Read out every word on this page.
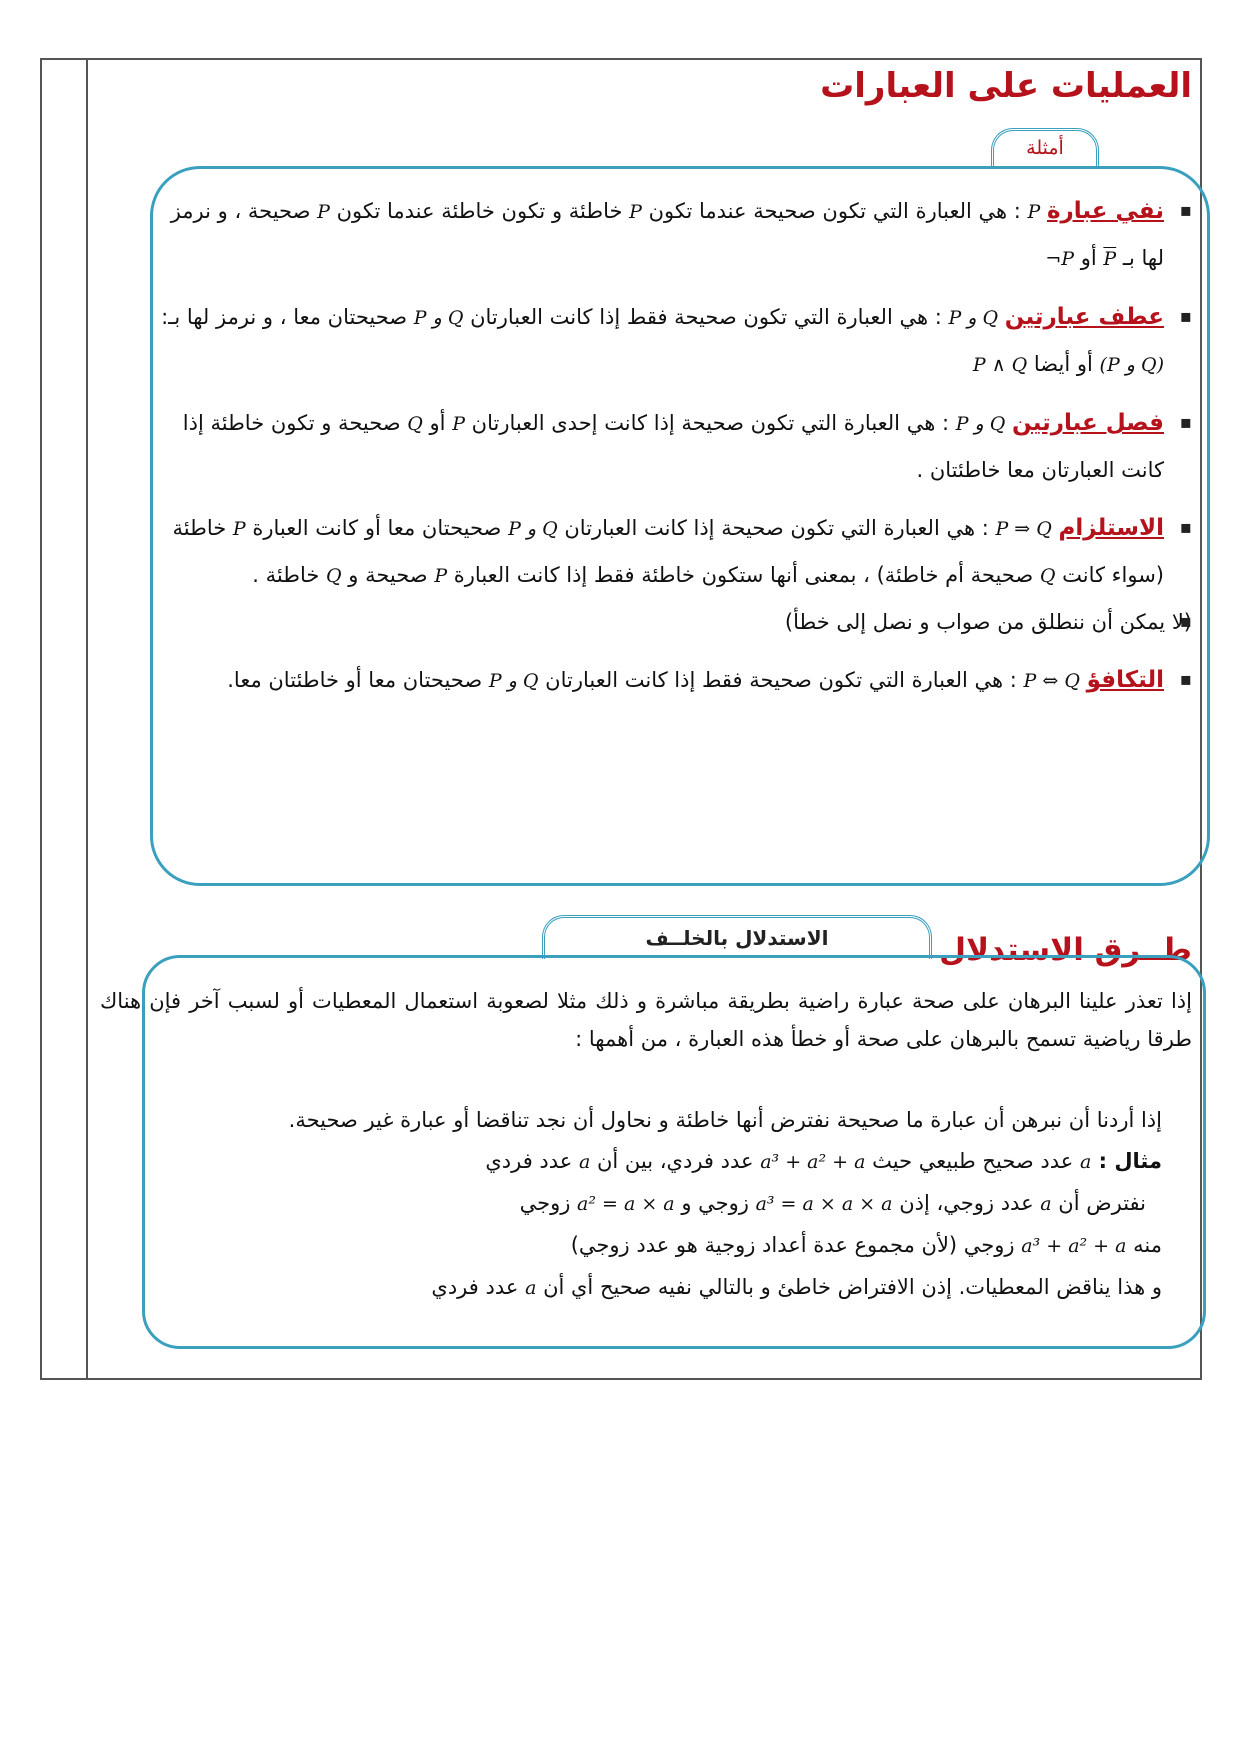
العمليات على العبارات
أمثلة
▪ نفي عبارة P : هي العبارة التي تكون صحيحة عندما تكون P خاطئة و تكون خاطئة عندما تكون P صحيحة ، و نرمز لها بـ $\overline{P}$ أو ¬P
▪ عطف عبارتين P و Q : هي العبارة التي تكون صحيحة فقط إذا كانت العبارتان P و Q صحيحتان معا ، و نرمز لها بـ: (P و Q) أو أيضا P ∧ Q
▪ فصل عبارتين P و Q : هي العبارة التي تكون صحيحة إذا كانت إحدى العبارتان P أو Q صحيحة و تكون خاطئة إذا كانت العبارتان معا خاطئتان .
▪ الاستلزام P ⇒ Q : هي العبارة التي تكون صحيحة إذا كانت العبارتان P و Q صحيحتان معا أو كانت العبارة P خاطئة (سواء كانت Q صحيحة أم خاطئة) ، بمعنى أنها ستكون خاطئة فقط إذا كانت العبارة P صحيحة و Q خاطئة .
▪ (لا يمكن أن ننطلق من صواب و نصل إلى خطأ)
▪ التكافؤ P ⇔ Q : هي العبارة التي تكون صحيحة فقط إذا كانت العبارتان P و Q صحيحتان معا أو خاطئتان معا.
طــرق الاستدلال

إذا تعذر علينا البرهان على صحة عبارة راضية بطريقة مباشرة و ذلك مثلا لصعوبة استعمال المعطيات أو لسبب آخر فإن هناك طرقا رياضية تسمح بالبرهان على صحة أو خطأ هذه العبارة ، من أهمها :

الاستدلال بالخلــف

إذا أردنا أن نبرهن أن عبارة ما صحيحة نفترض أنها خاطئة و نحاول أن نجد تناقضا أو عبارة غير صحيحة.

مثال : a عدد صحيح طبيعي حيث a³ + a² + a عدد فردي، بين أن a عدد فردي

نفترض أن a عدد زوجي، إذن a³ = a × a × a زوجي و a² = a × a زوجي

منه a³ + a² + a زوجي (لأن مجموع عدة أعداد زوجية هو عدد زوجي)

و هذا يناقض المعطيات. إذن الافتراض خاطئ و بالتالي نفيه صحيح أي أن a عدد فردي
